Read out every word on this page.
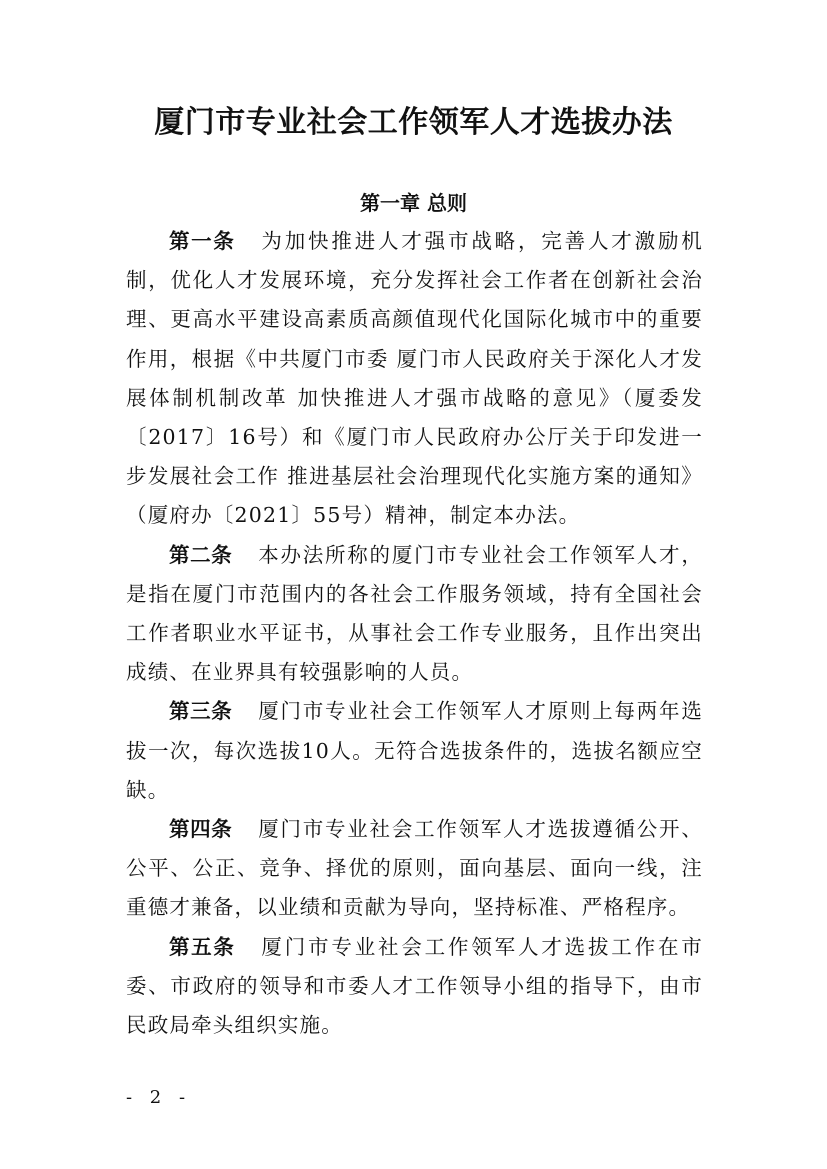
厦门市专业社会工作领军人才选拔办法
第一章 总则

第一条 为加快推进人才强市战略，完善人才激励机制，优化人才发展环境，充分发挥社会工作者在创新社会治理、更高水平建设高素质高颜值现代化国际化城市中的重要作用，根据《中共厦门市委 厦门市人民政府关于深化人才发展体制机制改革 加快推进人才强市战略的意见》（厦委发〔2017〕16号）和《厦门市人民政府办公厅关于印发进一步发展社会工作 推进基层社会治理现代化实施方案的通知》（厦府办〔2021〕55号）精神，制定本办法。

第二条 本办法所称的厦门市专业社会工作领军人才，是指在厦门市范围内的各社会工作服务领域，持有全国社会工作者职业水平证书，从事社会工作专业服务，且作出突出成绩、在业界具有较强影响的人员。

第三条 厦门市专业社会工作领军人才原则上每两年选拔一次，每次选拔10人。无符合选拔条件的，选拔名额应空缺。

第四条 厦门市专业社会工作领军人才选拔遵循公开、公平、公正、竞争、择优的原则，面向基层、面向一线，注重德才兼备，以业绩和贡献为导向，坚持标准、严格程序。

第五条 厦门市专业社会工作领军人才选拔工作在市委、市政府的领导和市委人才工作领导小组的指导下，由市民政局牵头组织实施。

- 2 -
